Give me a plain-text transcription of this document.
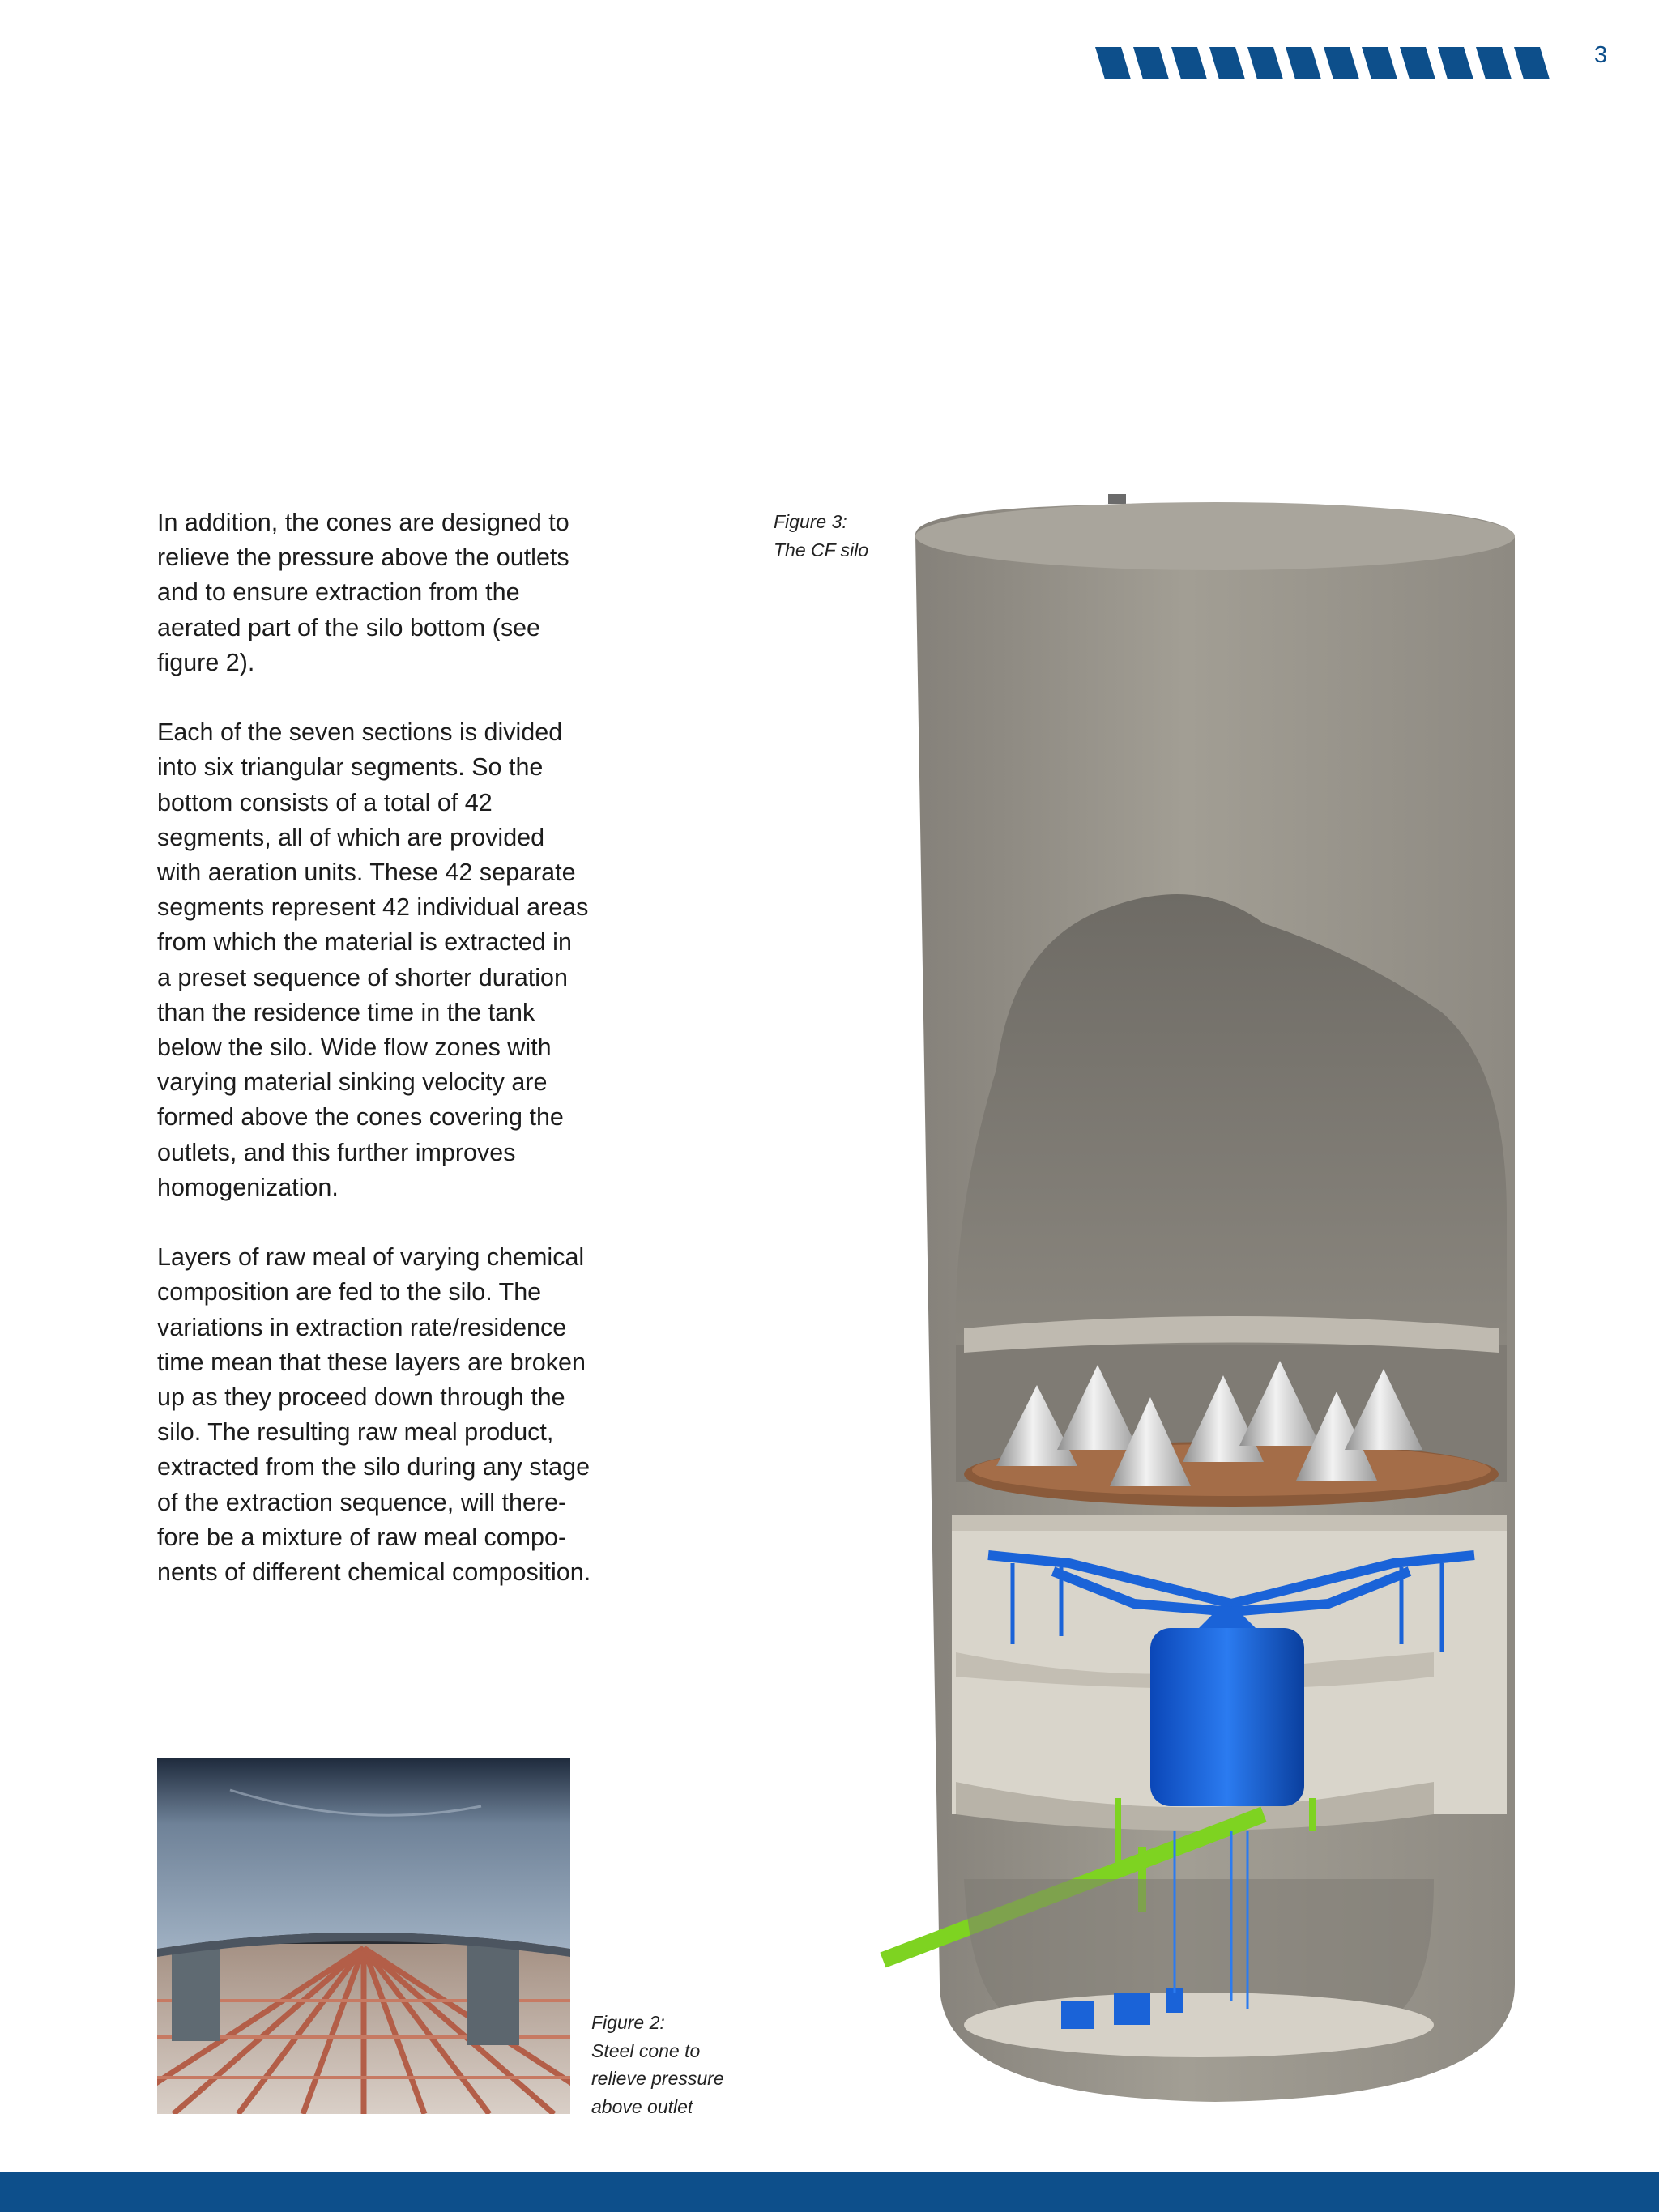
3

In addition, the cones are designed to
relieve the pressure above the outlets
and to ensure extraction from the
aerated part of the silo bottom (see
figure 2).

Each of the seven sections is divided
into six triangular segments. So the
bottom consists of a total of 42
segments, all of which are provided
with aeration units. These 42 separate
segments represent 42 individual areas
from which the material is extracted in
a preset sequence of shorter duration
than the residence time in the tank
below the silo. Wide flow zones with
varying material sinking velocity are
formed above the cones covering the
outlets, and this further improves
homogenization.

Layers of raw meal of varying chemical
composition are fed to the silo. The
variations in extraction rate/residence
time mean that these layers are broken
up as they proceed down through the
silo. The resulting raw meal product,
extracted from the silo during any stage
of the extraction sequence, will there-
fore be a mixture of raw meal compo-
nents of different chemical composition.

Figure 3:
The CF silo
Figure 2:
Steel cone to
relieve pressure
above outlet
